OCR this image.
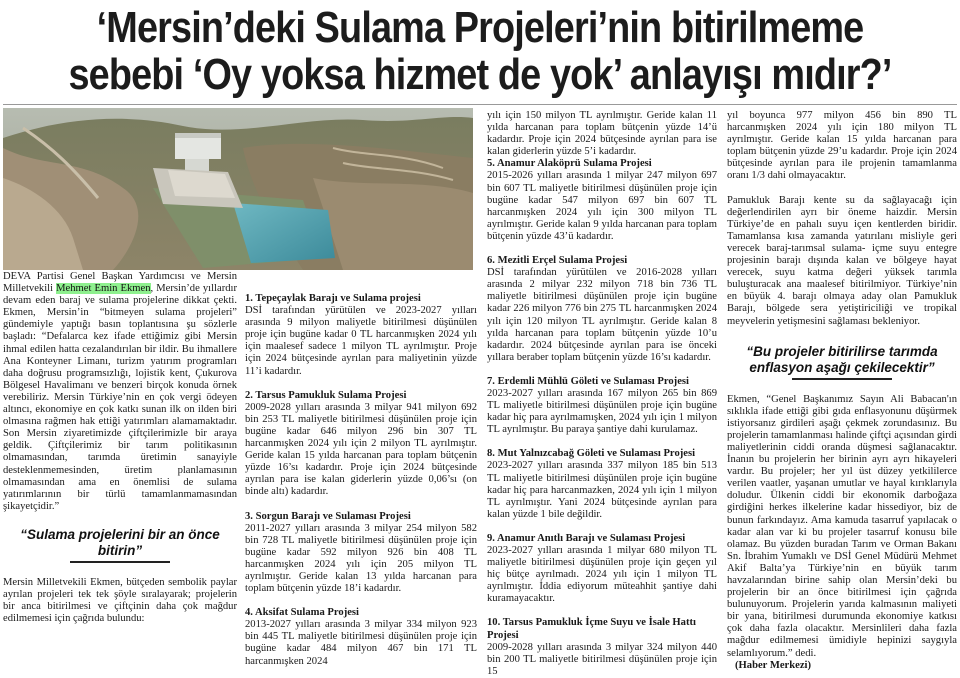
‘Mersin’deki Sulama Projeleri’nin bitirilmeme
sebebi ‘Oy yoksa hizmet de yok’ anlayışı mıdır?’

DEVA Partisi Genel Başkan Yardımcısı ve Mersin Milletvekili Mehmet Emin Ekmen, Mersin’de yıllardır devam eden baraj ve sulama projelerine dikkat çekti. Ekmen, Mersin’in “bitmeyen sulama projeleri” gündemiyle yaptığı basın toplantısına şu sözlerle başladı: “Defalarca kez ifade ettiğimiz gibi Mersin ihmal edilen hatta cezalandırılan bir ildir. Bu ihmallere Ana Konteyner Limanı, turizm yatırım programları daha doğrusu programsızlığı, lojistik kent, Çukurova Bölgesel Havalimanı ve benzeri birçok konuda örnek verebiliriz. Mersin Türkiye’nin en çok vergi ödeyen altıncı, ekonomiye en çok katkı sunan ilk on ilden biri olmasına rağmen hak ettiği yatırımları alamamaktadır. Son Mersin ziyaretimizde çiftçilerimizle bir araya geldik. Çiftçilerimiz bir tarım politikasının olmamasından, tarımda üretimin sanayiyle desteklenmemesinden, üretim planlamasının olmamasından ama en önemlisi de sulama yatırımlarının bir türlü tamamlanmamasından şikayetçidir.”

“Sulama projelerini bir an önce bitirin”

Mersin Milletvekili Ekmen, bütçeden sembolik paylar ayrılan projeleri tek tek şöyle sıralayarak; projelerin bir anca bitirilmesi ve çiftçinin daha çok mağdur edilmemesi için çağrıda bulundu:

1. Tepeçaylak Barajı ve Sulama projesi

DSİ tarafından yürütülen ve 2023-2027 yılları arasında 9 milyon maliyetle bitirilmesi düşünülen proje için bugüne kadar 0 TL harcanmışken 2024 yılı için maalesef sadece 1 milyon TL ayrılmıştır. Proje için 2024 bütçesinde ayrılan para maliyetinin yüzde 11’i kadardır.

2. Tarsus Pamukluk Sulama Projesi

2009-2028 yılları arasında 3 milyar 941 milyon 692 bin 253 TL maliyetle bitirilmesi düşünülen proje için bugüne kadar 646 milyon 296 bin 307 TL harcanmışken 2024 yılı için 2 milyon TL ayrılmıştır. Geride kalan 15 yılda harcanan para toplam bütçenin yüzde 16’sı kadardır. Proje için 2024 bütçesinde ayrılan para ise kalan giderlerin yüzde 0,06’sı (on binde altı) kadardır.

3. Sorgun Barajı ve Sulaması Projesi

2011-2027 yılları arasında 3 milyar 254 milyon 582 bin 728 TL maliyetle bitirilmesi düşünülen proje için bugüne kadar 592 milyon 926 bin 408 TL harcanmışken 2024 yılı için 205 milyon TL ayrılmıştır. Geride kalan 13 yılda harcanan para toplam bütçenin yüzde 18’i kadardır.

4. Aksifat Sulama Projesi

2013-2027 yılları arasında 3 milyar 334 milyon 923 bin 445 TL maliyetle bitirilmesi düşünülen proje için bugüne kadar 484 milyon 467 bin 171 TL harcanmışken 2024

yılı için 150 milyon TL ayrılmıştır. Geride kalan 11 yılda harcanan para toplam bütçenin yüzde 14’ü kadardır. Proje için 2024 bütçesinde ayrılan para ise kalan giderlerin yüzde 5’i kadardır.

5. Anamur Alaköprü Sulama Projesi

2015-2026 yılları arasında 1 milyar 247 milyon 697 bin 607 TL maliyetle bitirilmesi düşünülen proje için bugüne kadar 547 milyon 697 bin 607 TL harcanmışken 2024 yılı için 300 milyon TL ayrılmıştır. Geride kalan 9 yılda harcanan para toplam bütçenin yüzde 43’ü kadardır.

6. Mezitli Erçel Sulama Projesi

DSİ tarafından yürütülen ve 2016-2028 yılları arasında 2 milyar 232 milyon 718 bin 736 TL maliyetle bitirilmesi düşünülen proje için bugüne kadar 226 milyon 776 bin 275 TL harcanmışken 2024 yılı için 120 milyon TL ayrılmıştır. Geride kalan 8 yılda harcanan para toplam bütçenin yüzde 10’u kadardır. 2024 bütçesinde ayrılan para ise önceki yıllara beraber toplam bütçenin yüzde 16’sı kadardır.

7. Erdemli Mühlü Göleti ve Sulaması Projesi

2023-2027 yılları arasında 167 milyon 265 bin 869 TL maliyetle bitirilmesi düşünülen proje için bugüne kadar hiç para ayrılmamışken, 2024 yılı için 1 milyon TL ayrılmıştır. Bu paraya şantiye dahi kurulamaz.

8. Mut Yalnızcabağ Göleti ve Sulaması Projesi

2023-2027 yılları arasında 337 milyon 185 bin 513 TL maliyetle bitirilmesi düşünülen proje için bugüne kadar hiç para harcanmazken, 2024 yılı için 1 milyon TL ayrılmıştır. Yani 2024 bütçesinde ayrılan para kalan yüzde 1 bile değildir.

9. Anamur Anıtlı Barajı ve Sulaması Projesi

2023-2027 yılları arasında 1 milyar 680 milyon TL maliyetle bitirilmesi düşünülen proje için geçen yıl hiç bütçe ayrılmadı. 2024 yılı için 1 milyon TL ayrılmıştır. İddia ediyorum müteahhit şantiye dahi kuramayacaktır.

10. Tarsus Pamukluk İçme Suyu ve İsale Hattı Projesi

2009-2028 yılları arasında 3 milyar 324 milyon 440 bin 200 TL maliyetle bitirilmesi düşünülen proje için 15

yıl boyunca 977 milyon 456 bin 890 TL harcanmışken 2024 yılı için 180 milyon TL ayrılmıştır. Geride kalan 15 yılda harcanan para toplam bütçenin yüzde 29’u kadardır. Proje için 2024 bütçesinde ayrılan para ile projenin tamamlanma oranı 1/3 dahi olmayacaktır.

Pamukluk Barajı kente su da sağlayacağı için değerlendirilen ayrı bir öneme haizdir. Mersin Türkiye’de en pahalı suyu içen kentlerden biridir. Tamamlansa kısa zamanda yatırılanı misliyle geri verecek baraj-tarımsal sulama- içme suyu entegre projesinin barajı dışında kalan ve bölgeye hayat verecek, suyu katma değeri yüksek tarımla buluşturacak ana maalesef bitirilmiyor. Türkiye’nin en büyük 4. barajı olmaya aday olan Pamukluk Barajı, bölgede sera yetiştiriciliği ve tropikal meyvelerin yetişmesini sağlaması bekleniyor.

“Bu projeler bitirilirse tarımda enflasyon aşağı çekilecektir”

Ekmen, “Genel Başkanımız Sayın Ali Babacan'ın sıklıkla ifade ettiği gibi gıda enflasyonunu düşürmek istiyorsanız girdileri aşağı çekmek zorundasınız. Bu projelerin tamamlanması halinde çiftçi açısından girdi maliyetlerinin ciddi oranda düşmesi sağlanacaktır. İnanın bu projelerin her birinin ayrı ayrı hikayeleri vardır. Bu projeler; her yıl üst düzey yetkililerce verilen vaatler, yaşanan umutlar ve hayal kırıklarıyla doludur. Ülkenin ciddi bir ekonomik darboğaza girdiğini herkes ilkelerine kadar hissediyor, biz de bunun farkındayız. Ama kamuda tasarruf yapılacak o kadar alan var ki bu projeler tasarruf konusu bile olamaz. Bu yüzden buradan Tarım ve Orman Bakanı Sn. İbrahim Yumaklı ve DSİ Genel Müdürü Mehmet Akif Balta’ya Türkiye’nin en büyük tarım havzalarından birine sahip olan Mersin’deki bu projelerin bir an önce bitirilmesi için çağrıda bulunuyorum. Projelerin yarıda kalmasının maliyeti bir yana, bitirilmesi durumunda ekonomiye katkısı çok daha fazla olacaktır. Mersinlileri daha fazla mağdur edilmemesi ümidiyle hepinizi saygıyla selamlıyorum.” dedi.

(Haber Merkezi)
